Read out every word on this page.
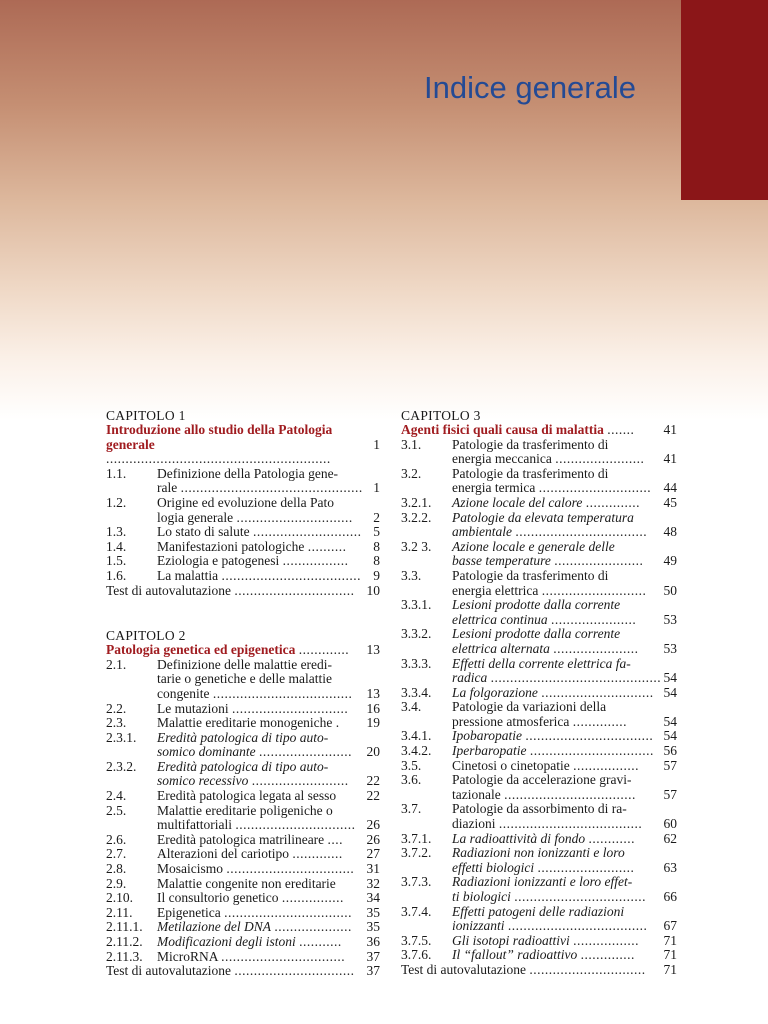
Indice generale
CAPITOLO 1
Introduzione allo studio della Patologia
generale ..........................................................
1
1.1.	Definizione della Patologia gene-
rale ............................................... 1
1.2.	Origine ed evoluzione della Pato
logia generale ..............................	2
1.3.	Lo stato di salute ............................ 5
1.4.	Manifestazioni patologiche ..........	8
1.5.	Eziologia e patogenesi .................	8
1.6.	La malattia .................................... 9
Test di autovalutazione ............................... 10
CAPITOLO 2
Patologia genetica ed epigenetica .............	13
2.1.	Definizione delle malattie eredi-
tarie o genetiche e delle malattie
congenite ....................................	13
2.2.	Le mutazioni ..............................	16
2.3.	Malattie ereditarie monogeniche .	19
2.3.1.	Eredità patologica di tipo auto-
somico dominante ........................	20
2.3.2.	Eredità patologica di tipo auto-
somico recessivo .........................	22
2.4.	Eredità patologica legata al sesso	22
2.5.	Malattie ereditarie poligeniche o
multifattoriali ............................... 26
2.6.	Eredità patologica matrilineare ....	26
2.7.	Alterazioni del cariotipo .............	27
2.8.	Mosaicismo ................................. 31
2.9.	Malattie congenite non ereditarie	32
2.10.	Il consultorio genetico ................	34
2.11.	Epigenetica .................................	35
2.11.1.	Metilazione del DNA ....................	35
2.11.2.	Modificazioni degli istoni ...........	36
2.11.3.	MicroRNA ................................	37
Test di autovalutazione ............................... 37
CAPITOLO 3
Agenti fisici quali causa di malattia .......	41
3.1.	Patologie da trasferimento di
energia meccanica .......................	41
3.2.	Patologie da trasferimento di
energia termica ............................. 44
3.2.1.	Azione locale del calore ..............	45
3.2.2.	Patologie da elevata temperatura
ambientale ..................................	48
3.2 3.	Azione locale e generale delle
basse temperature .......................	49
3.3.	Patologie da trasferimento di
energia elettrica ...........................	50
3.3.1.	Lesioni prodotte dalla corrente
elettrica continua ......................	53
3.3.2.	Lesioni prodotte dalla corrente
elettrica alternata ......................	53
3.3.3.	Effetti della corrente elettrica fa-
radica ............................................ 54
3.3.4.	La folgorazione ............................. 54
3.4.	Patologie da variazioni della
pressione atmosferica ..............	54
3.4.1.	Ipobaropatie ................................. 54
3.4.2.	Iperbaropatie ................................ 56
3.5.	Cinetosi o cinetopatie .................	57
3.6.	Patologie da accelerazione gravi-
tazionale ..................................	57
3.7.	Patologie da assorbimento di ra-
diazioni .....................................	60
3.7.1.	La radioattività di fondo ............	62
3.7.2.	Radiazioni non ionizzanti e loro
effetti biologici .........................	63
3.7.3.	Radiazioni ionizzanti e loro effet-
ti biologici ..................................	66
3.7.4.	Effetti patogeni delle radiazioni
ionizzanti ....................................	67
3.7.5.	Gli isotopi radioattivi .................	71
3.7.6.	Il “fallout” radioattivo ..............	71
Test di autovalutazione ..............................	71
